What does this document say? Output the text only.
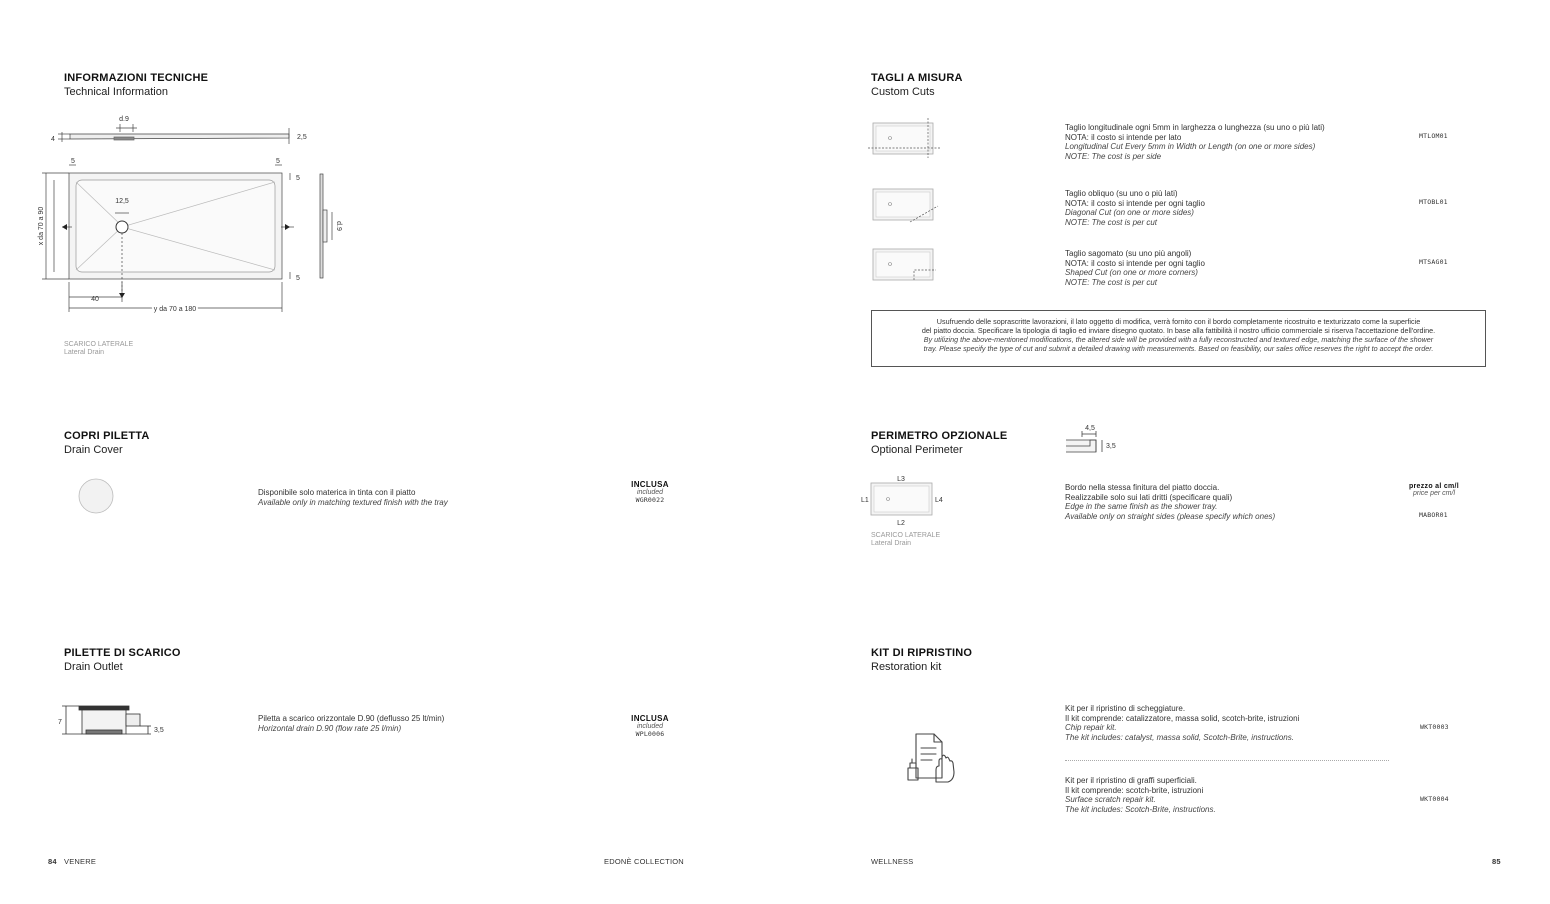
INFORMAZIONI TECNICHE
Technical Information
d.9
4	2,5
5	5
5
5
12,5
x da 70 a 90
40
y da 70 a 180
d.9
SCARICO LATERALE
Lateral Drain
COPRI PILETTA
Drain Cover
Disponibile solo materica in tinta con il piatto
Available only in matching textured finish with the tray
INCLUSA
included
WGR0022
PILETTE DI SCARICO
Drain Outlet
7
3,5
Piletta a scarico orizzontale D.90 (deflusso 25 lt/min)
Horizontal drain D.90 (flow rate 25 l/min)
INCLUSA
included
WPL0006
84 VENERE	EDONÈ COLLECTION
TAGLI A MISURA
Custom Cuts
Taglio longitudinale ogni 5mm in larghezza o lunghezza (su uno o più lati)
NOTA: il costo si intende per lato
Longitudinal Cut Every 5mm in Width or Length (on one or more sides)
NOTE: The cost is per side
MTLOM01
Taglio obliquo (su uno o più lati)
NOTA: il costo si intende per ogni taglio
Diagonal Cut (on one or more sides)
NOTE: The cost is per cut
MTOBL01
Taglio sagomato (su uno più angoli)
NOTA: il costo si intende per ogni taglio
Shaped Cut (on one or more corners)
NOTE: The cost is per cut
MTSAG01
Usufruendo delle soprascritte lavorazioni, il lato oggetto di modifica, verrà fornito con il bordo completamente ricostruito e texturizzato come la superficie
del piatto doccia. Specificare la tipologia di taglio ed inviare disegno quotato. In base alla fattibilità il nostro ufficio commerciale si riserva l'accettazione dell'ordine.
By utilizing the above-mentioned modifications, the altered side will be provided with a fully reconstructed and textured edge, matching the surface of the shower
tray. Please specify the type of cut and submit a detailed drawing with measurements. Based on feasibility, our sales office reserves the right to accept the order.
PERIMETRO OPZIONALE
Optional Perimeter
4,5
3,5
L3
L2
L1	L4
SCARICO LATERALE
Lateral Drain
Bordo nella stessa finitura del piatto doccia.
Realizzabile solo sui lati dritti (specificare quali)
Edge in the same finish as the shower tray.
Available only on straight sides (please specify which ones)
prezzo al cm/l
price per cm/l
MABOR01
KIT DI RIPRISTINO
Restoration kit
Kit per il ripristino di scheggiature.
Il kit comprende: catalizzatore, massa solid, scotch-brite, istruzioni
Chip repair kit.
The kit includes: catalyst, massa solid, Scotch-Brite, instructions.
WKT0003
Kit per il ripristino di graffi superficiali.
Il kit comprende: scotch-brite, istruzioni
Surface scratch repair kit.
The kit includes: Scotch-Brite, instructions.
WKT0004
WELLNESS	85
